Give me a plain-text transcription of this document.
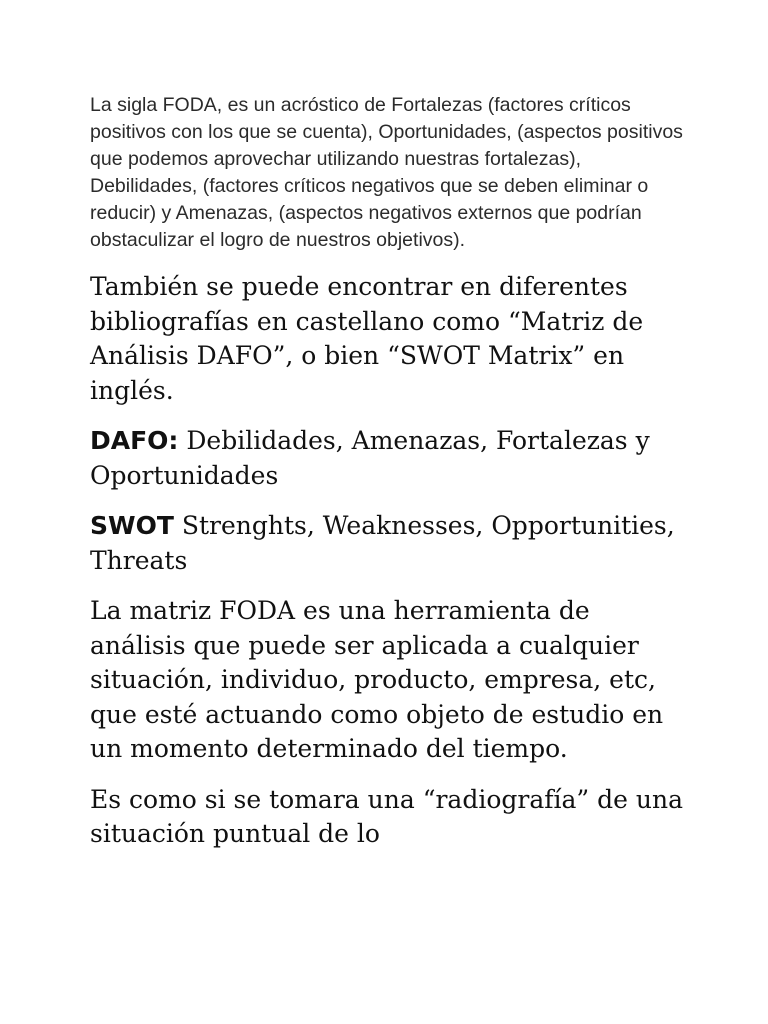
La sigla FODA, es un acróstico de Fortalezas (factores críticos positivos con los que se cuenta), Oportunidades, (aspectos positivos que podemos aprovechar utilizando nuestras fortalezas), Debilidades, (factores críticos negativos que se deben eliminar o reducir) y Amenazas, (aspectos negativos externos que podrían obstaculizar el logro de nuestros objetivos).

También se puede encontrar en diferentes bibliografías en castellano como “Matriz de Análisis DAFO”, o bien “SWOT Matrix” en inglés.

DAFO: Debilidades, Amenazas, Fortalezas y Oportunidades

SWOT Strenghts, Weaknesses, Opportunities, Threats

La matriz FODA es una herramienta de análisis que puede ser aplicada a cualquier situación, individuo, producto, empresa, etc, que esté actuando como objeto de estudio en un momento determinado del tiempo.

Es como si se tomara una “radiografía” de una situación puntual de lo
